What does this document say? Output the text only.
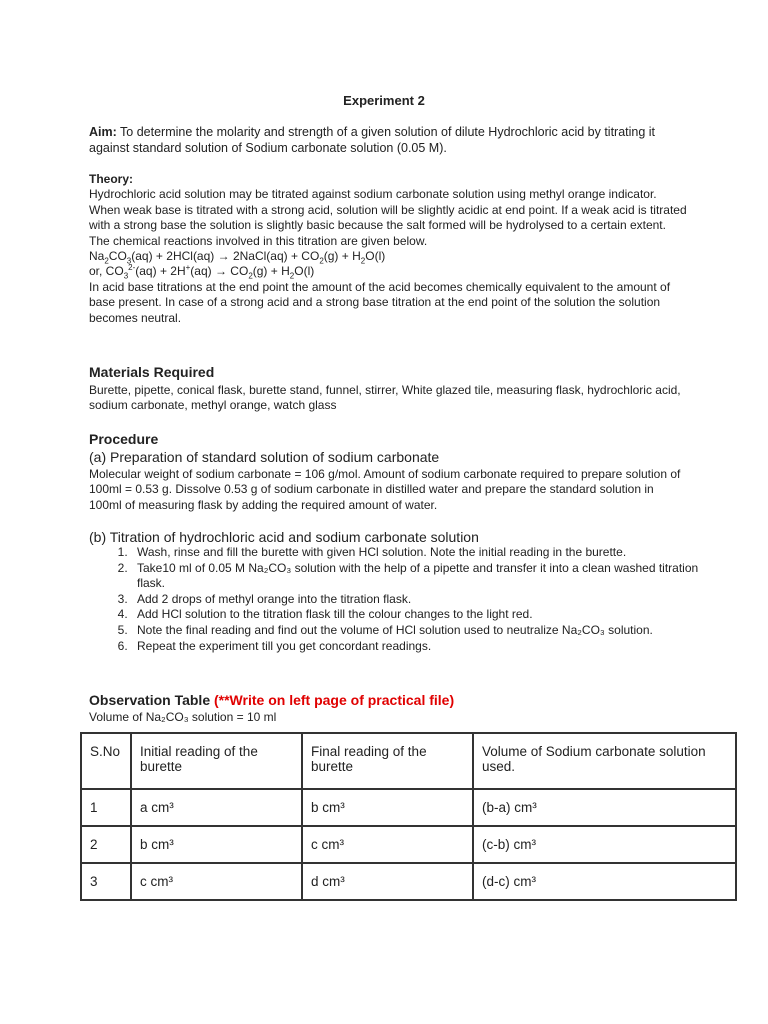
Experiment 2
Aim: To determine the molarity and strength of a given solution of dilute Hydrochloric acid by titrating it against standard solution of Sodium carbonate solution (0.05 M).
Theory:
Hydrochloric acid solution may be titrated against sodium carbonate solution using methyl orange indicator. When weak base is titrated with a strong acid, solution will be slightly acidic at end point. If a weak acid is titrated with a strong base the solution is slightly basic because the salt formed will be hydrolysed to a certain extent.
The chemical reactions involved in this titration are given below.
$Na_2CO_3(aq) + 2HCl(aq)$ → 2NaCl(aq) + $CO_2(g) + H_2O(l)$
or, $CO_3^{2-}(aq) + 2H^+(aq) \to CO_2(g) + H_2O(l)$
In acid base titrations at the end point the amount of the acid becomes chemically equivalent to the amount of base present. In case of a strong acid and a strong base titration at the end point of the solution the solution becomes neutral.
Materials Required
Burette, pipette, conical flask, burette stand, funnel, stirrer, White glazed tile, measuring flask, hydrochloric acid, sodium carbonate, methyl orange, watch glass
Procedure
(a) Preparation of standard solution of sodium carbonate
Molecular weight of sodium carbonate = 106 g/mol. Amount of sodium carbonate required to prepare solution of 100ml = 0.53 g. Dissolve 0.53 g of sodium carbonate in distilled water and prepare the standard solution in 100ml of measuring flask by adding the required amount of water.
(b) Titration of hydrochloric acid and sodium carbonate solution
1. Wash, rinse and fill the burette with given HCl solution. Note the initial reading in the burette.
2. Take10 ml of 0.05 M Na₂CO₃ solution with the help of a pipette and transfer it into a clean washed titration flask.
3. Add 2 drops of methyl orange into the titration flask.
4. Add HCl solution to the titration flask till the colour changes to the light red.
5. Note the final reading and find out the volume of HCl solution used to neutralize Na₂CO₃ solution.
6. Repeat the experiment till you get concordant readings.
Observation Table (**Write on left page of practical file)
Volume of Na₂CO₃ solution = 10 ml
S.No	Initial reading of the burette	Final reading of the burette	Volume of Sodium carbonate solution used.
1	a cm³	b cm³	(b-a) cm³
2	b cm³	c cm³	(c-b) cm³
3	c cm³	d cm³	(d-c) cm³
